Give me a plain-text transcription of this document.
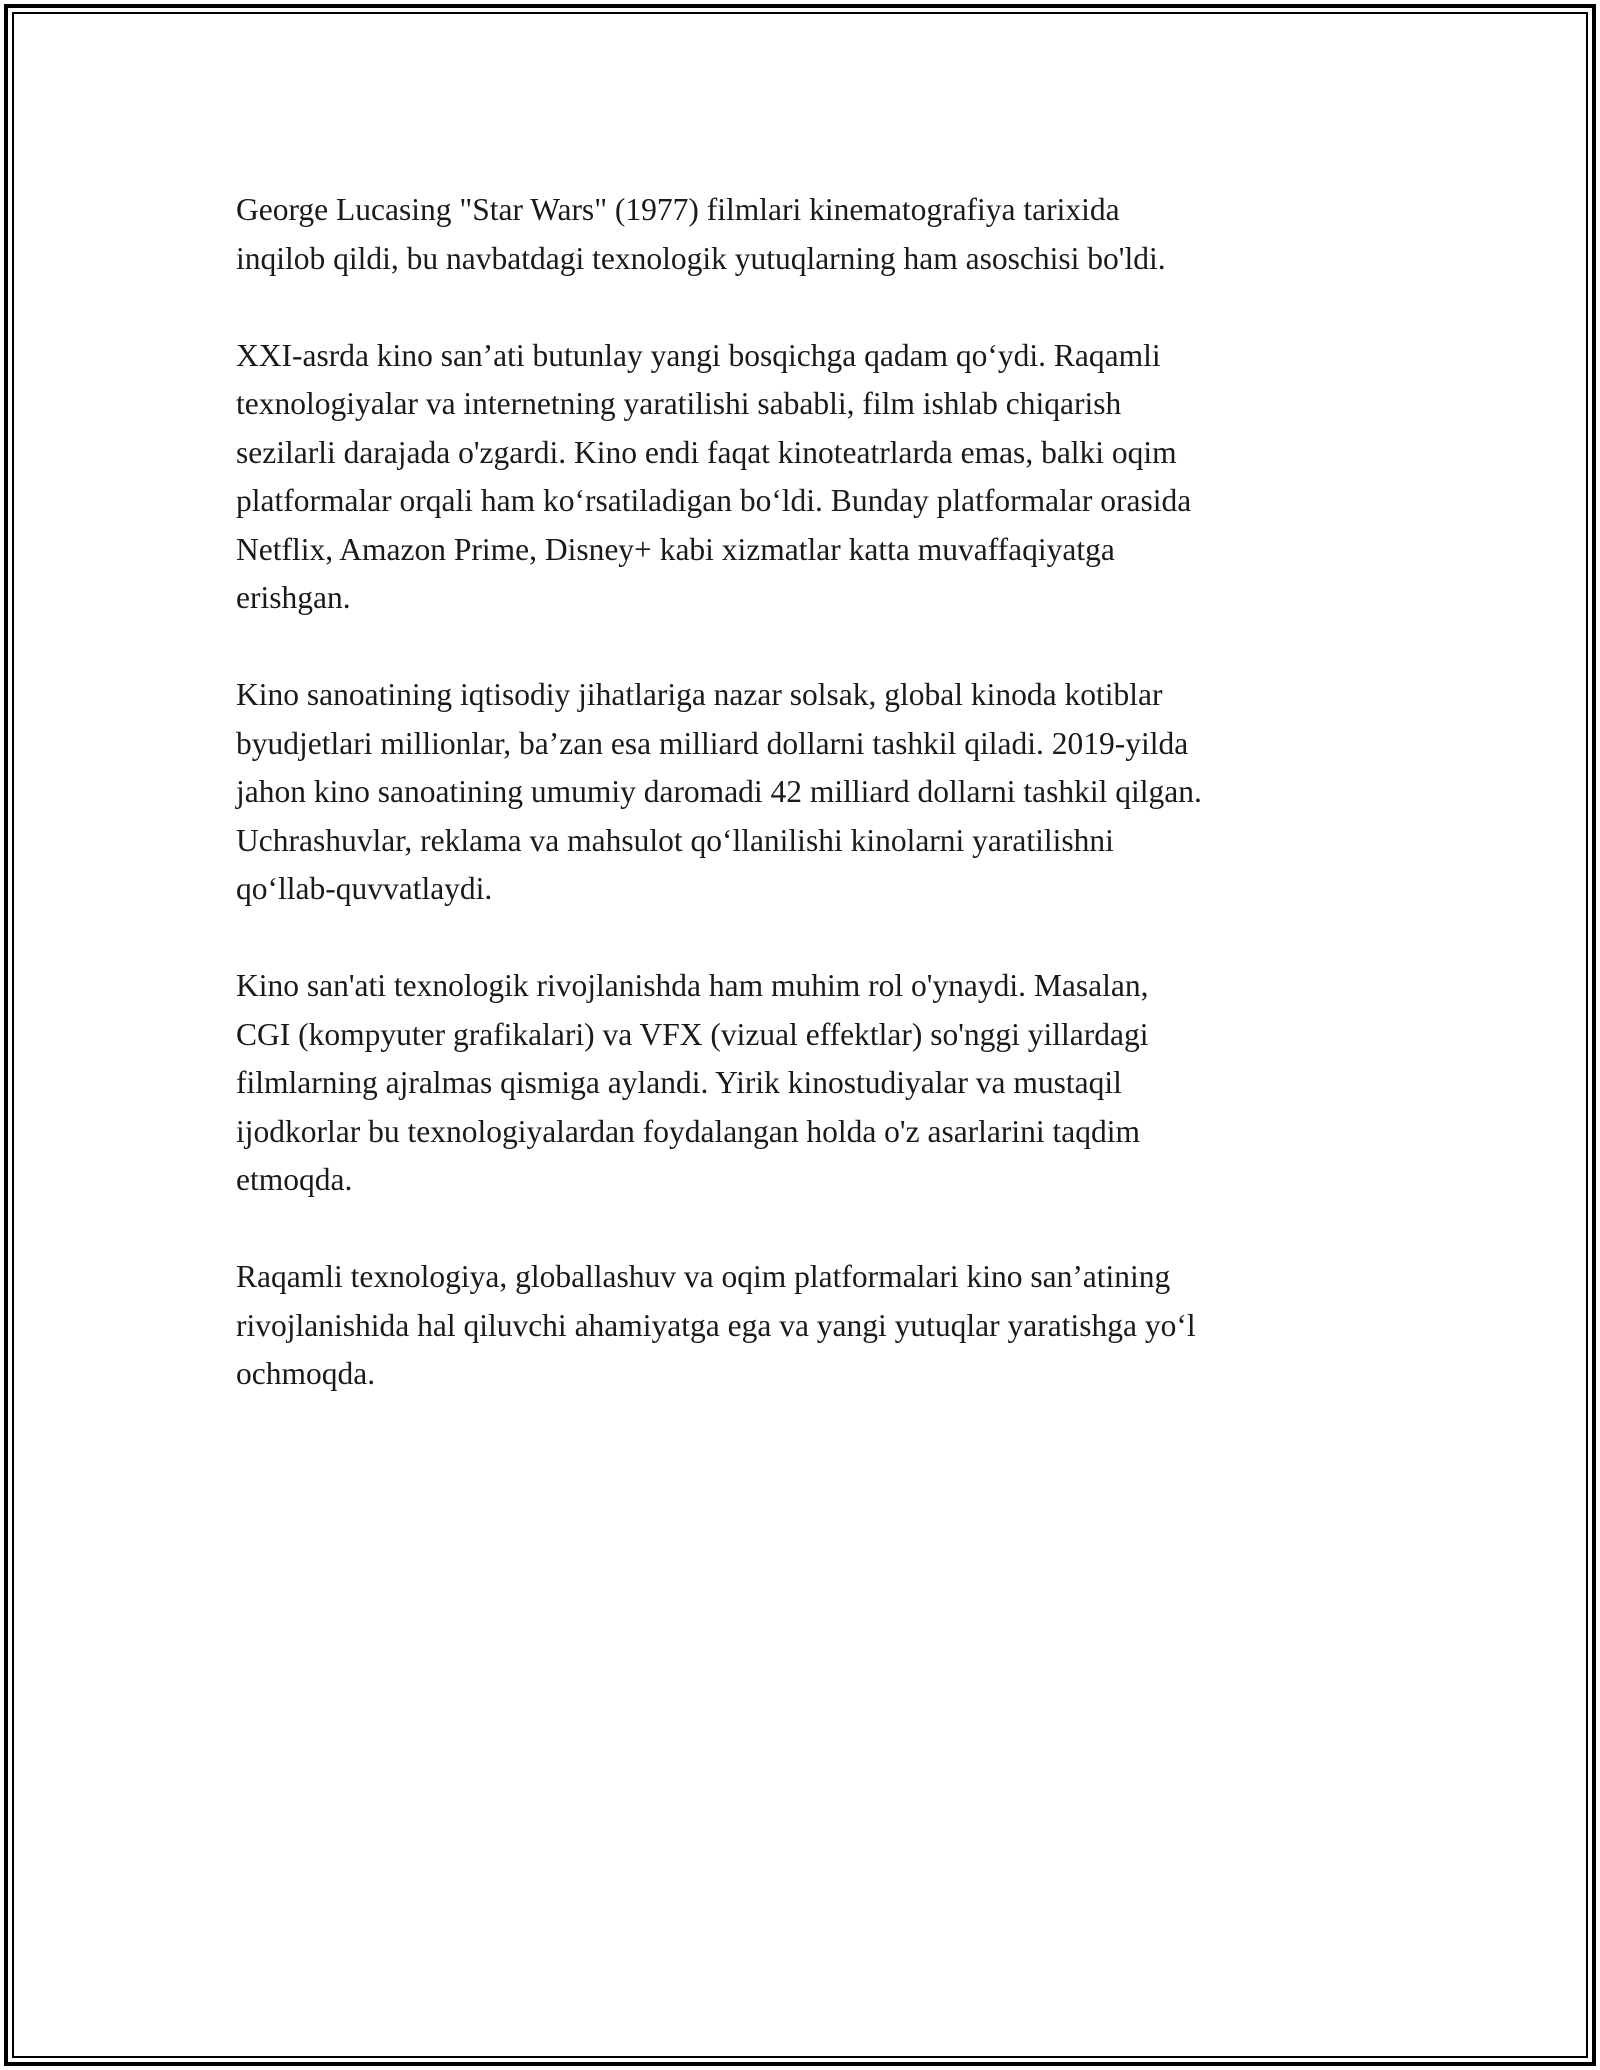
George Lucasing "Star Wars" (1977) filmlari kinematografiya tarixida
inqilob qildi, bu navbatdagi texnologik yutuqlarning ham asoschisi bo'ldi.

XXI-asrda kino san’ati butunlay yangi bosqichga qadam qo‘ydi. Raqamli
texnologiyalar va internetning yaratilishi sababli, film ishlab chiqarish
sezilarli darajada o'zgardi. Kino endi faqat kinoteatrlarda emas, balki oqim
platformalar orqali ham ko‘rsatiladigan bo‘ldi. Bunday platformalar orasida
Netflix, Amazon Prime, Disney+ kabi xizmatlar katta muvaffaqiyatga
erishgan.

Kino sanoatining iqtisodiy jihatlariga nazar solsak, global kinoda kotiblar
byudjetlari millionlar, ba’zan esa milliard dollarni tashkil qiladi. 2019-yilda
jahon kino sanoatining umumiy daromadi 42 milliard dollarni tashkil qilgan.
Uchrashuvlar, reklama va mahsulot qo‘llanilishi kinolarni yaratilishni
qo‘llab-quvvatlaydi.

Kino san'ati texnologik rivojlanishda ham muhim rol o'ynaydi. Masalan,
CGI (kompyuter grafikalari) va VFX (vizual effektlar) so'nggi yillardagi
filmlarning ajralmas qismiga aylandi. Yirik kinostudiyalar va mustaqil
ijodkorlar bu texnologiyalardan foydalangan holda o'z asarlarini taqdim
etmoqda.

Raqamli texnologiya, globallashuv va oqim platformalari kino san’atining
rivojlanishida hal qiluvchi ahamiyatga ega va yangi yutuqlar yaratishga yo‘l
ochmoqda.
